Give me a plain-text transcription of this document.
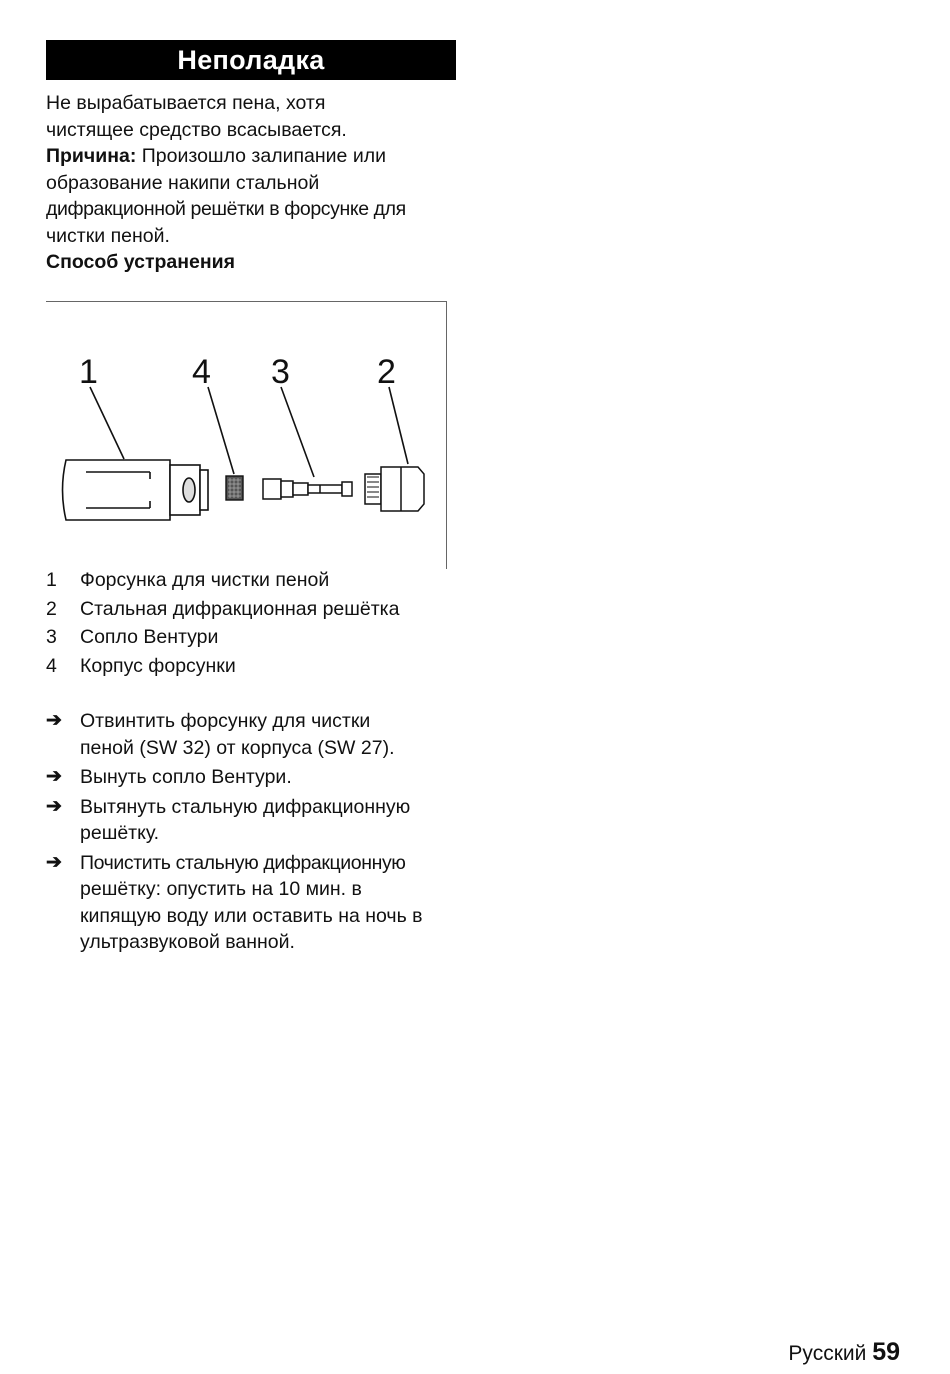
Неполадка

Не вырабатывается пена, хотя

чистящее средство всасывается.

Причина: Произошло залипание или

образование накипи стальной

дифракционной решётки в форсунке для

чистки пеной.

Способ устранения

1	4 3	2
1	Форсунка для чистки пеной
2	Стальная дифракционная решётка
3	Сопло Вентури
4	Корпус форсунки
➔ Отвинтить форсунку для чистки
пеной (SW 32) от корпуса (SW 27).
➔ Вынуть сопло Вентури.
➔ Вытянуть стальную дифракционную
решётку.
➔ Почистить стальную дифракционную
решётку: опустить на 10 мин. в
кипящую воду или оставить на ночь в
ультразвуковой ванной.
Русский 59
